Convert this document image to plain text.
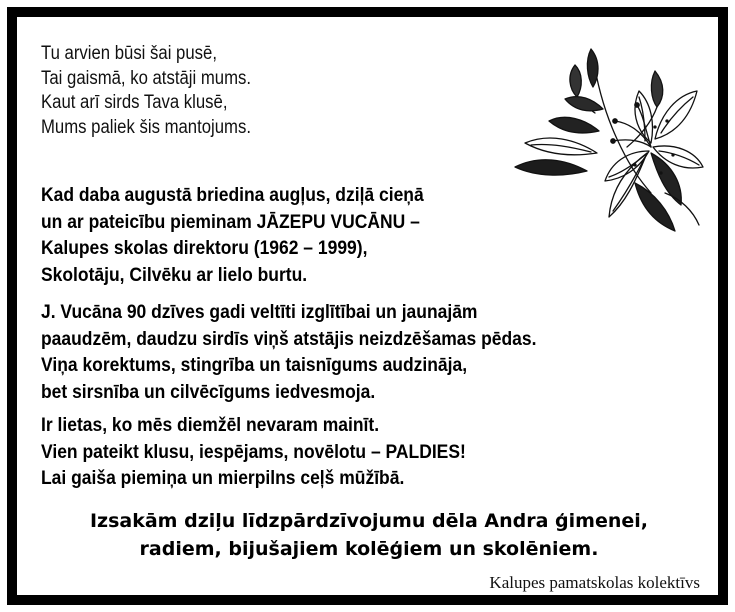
Tu arvien būsi šai pusē,
Tai gaismā, ko atstāji mums.
Kaut arī sirds Tava klusē,
Mums paliek šis mantojums.
Kad daba augustā briedina augļus, dziļā cieņā
un ar pateicību pieminam JĀZEPU VUCĀNU –
Kalupes skolas direktoru (1962 – 1999),
Skolotāju, Cilvēku ar lielo burtu.
J. Vucāna 90 dzīves gadi veltīti izglītībai un jaunajām
paaudzēm, daudzu sirdīs viņš atstājis neizdzēšamas pēdas.
Viņa korektums, stingrība un taisnīgums audzināja,
bet sirsnība un cilvēcīgums iedvesmoja.
Ir lietas, ko mēs diemžēl nevaram mainīt.
Vien pateikt klusu, iespējams, novēlotu – PALDIES!
Lai gaiša piemiņa un mierpilns ceļš mūžībā.
Izsakām dziļu līdzpārdzīvojumu dēla Andra ģimenei,
radiem, bijušajiem kolēģiem un skolēniem.
Kalupes pamatskolas kolektīvs
